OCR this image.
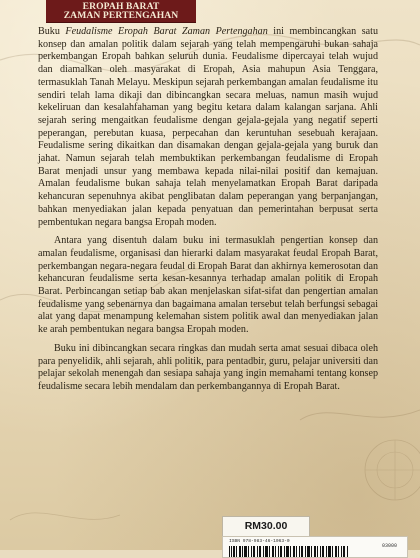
EROPAH BARAT
ZAMAN PERTENGAHAN

Buku Feudalisme Eropah Barat Zaman Pertengahan ini membincangkan satu konsep dan amalan politik dalam sejarah yang telah mempengaruhi bukan sahaja perkembangan Eropah bahkan seluruh dunia. Feudalisme dipercayai telah wujud dan diamalkan oleh masyarakat di Eropah, Asia mahupun Asia Tenggara, termasuklah Tanah Melayu. Meskipun sejarah perkembangan amalan feudalisme itu sendiri telah lama dikaji dan dibincangkan secara meluas, namun masih wujud kekeliruan dan kesalahfahaman yang begitu ketara dalam kalangan sarjana. Ahli sejarah sering mengaitkan feudalisme dengan gejala-gejala yang negatif seperti peperangan, perebutan kuasa, perpecahan dan keruntuhan sesebuah kerajaan. Feudalisme sering dikaitkan dan disamakan dengan gejala-gejala yang buruk dan jahat. Namun sejarah telah membuktikan perkembangan feudalisme di Eropah Barat menjadi unsur yang membawa kepada nilai-nilai positif dan kemajuan. Amalan feudalisme bukan sahaja telah menyelamatkan Eropah Barat daripada kehancuran sepenuhnya akibat penglibatan dalam peperangan yang berpanjangan, bahkan menyediakan jalan kepada penyatuan dan pemerintahan berpusat serta pembentukan negara bangsa Eropah moden.

Antara yang disentuh dalam buku ini termasuklah pengertian konsep dan amalan feudalisme, organisasi dan hierarki dalam masyarakat feudal Eropah Barat, perkembangan negara-negara feudal di Eropah Barat dan akhirnya kemerosotan dan kehancuran feudalisme serta kesan-kesannya terhadap amalan politik di Eropah Barat. Perbincangan setiap bab akan menjelaskan sifat-sifat dan pengertian amalan feudalisme yang sebenarnya dan bagaimana amalan tersebut telah berfungsi sebagai alat yang dapat menampung kelemahan sistem politik awal dan menyediakan jalan ke arah pembentukan negara bangsa Eropah moden.

Buku ini dibincangkan secara ringkas dan mudah serta amat sesuai dibaca oleh para penyelidik, ahli sejarah, ahli politik, para pentadbir, guru, pelajar universiti dan pelajar sekolah menengah dan sesiapa sahaja yang ingin memahami tentang konsep feudalisme secara lebih mendalam dan perkembangannya di Eropah Barat.

RM30.00
ISBN 978-983-46-1063-0
03000
